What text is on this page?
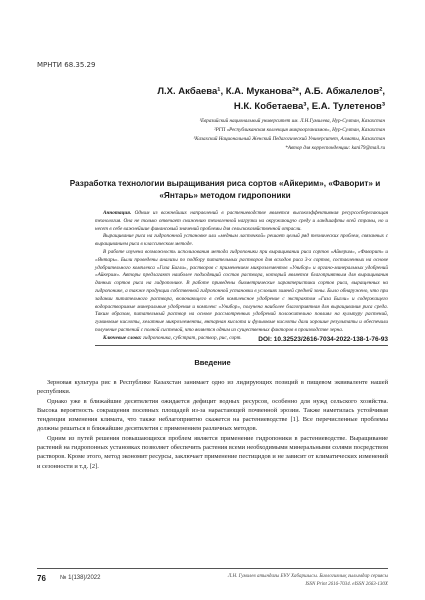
МРНТИ 68.35.29
Л.Х. Акбаева¹, К.А. Муканова²*, А.Б. Абжалелов²,
Н.К. Кобетаева³, Е.А. Тулетенов³
¹Евразийский национальный университет им. Л.Н.Гумилева, Нур-Султан, Казахстан
²РГП «Республиканская коллекция микроорганизмов», Нур-Султан, Казахстан
³Казахский Национальный Женский Педагогический Университет, Алматы, Казахстан
*Автор для корреспонденции: kani79@mail.ru
Разработка технологии выращивания риса сортов «Айкерим», «Фаворит» и
«Янтарь» методом гидропоники

Аннотация. Одним из важнейших направлений в растениеводстве является высокоэффективная ресурсосберегающая технология. Она не только отвечает снижению техногенной нагрузки на окружающую среду и ландшафты всей страны, но и несет в себе важнейшие финансовый значений проблемы для сельскохозяйственной отрасли.

Выращивание риса на гидропонной установке или «медным ласточкой» решает целый ряд технических проблем, связанных с выращиванием риса в классическом методе.

В работе изучена возможность использования метода гидропоники при выращивании риса сортов «Айкерим», «Фаворит» и «Янтарь». Были проведены анализы по подбору питательных растворов для всходов риса 3-х сортов, составленных на основе удобрительного комплекса «Гиза Бигли», растворов с применением микроэлементов «Унибор» и органо-минеральных удобрений «Айкерим». Авторы предлагают наиболее подходящий состав раствора, который является благоприятным для выращивания данных сортов риса на гидропонике. В работе приведены биометрические характеристики сортов риса, выращенных на гидропонике, а также продукции собственной гидропонной установки в условиях зимней средней зоны. Было обнаружено, что при задании питательного раствора, включающего в себя комплексное удобрение с экстрактом «Гиза Бигли» и содержащего водорастворимые минеральные удобрения и комплекс «Унибор», получена наиболее благоприятная для выращивания риса среда. Таким образом, питательный раствор на основе рассмотренных удобрений положительно повлиял на культуру растений, гуминовые кислоты, хелатные микроэлементы, янтарная кислота и фульвовые кислоты дали хорошие результаты и обеспечили получение растений с полной системой, что является одним из существенных факторов в производстве зерна.

Ключевые слова: гидропоника, субстрат, раствор, рис, сорт.	DOI: 10.32523/2616-7034-2022-138-1-76-93
Введение

Зерновая культура рис в Республике Казахстан занимает одно из лидирующих позиций в пищевом эквиваленте нашей республики.

Однако уже в ближайшие десятилетия ожидается дефицит водных ресурсов, особенно для нужд сельского хозяйства. Высока вероятность сокращения посевных площадей из-за нарастающей почвенной эрозии. Также наметилась устойчивая тенденция изменения климата, что также неблагоприятно скажется на растениеводстве [1]. Все перечисленные проблемы должны решаться в ближайшие десятилетия с применением различных методов.

Одним из путей решения повышающихся проблем является применение гидропоники в растениеводстве. Выращивание растений на гидропонных установках позволяет обеспечить растения всеми необходимыми минеральными солями посредством растворов. Кроме этого, метод экономит ресурсы, заключает применение пестицидов и не зависит от климатических изменений и сезонности и т.д. [2].

76 № 1(138)/2022	Л.Н. Гумилев атындағы ЕҰУ Хабаршысы. Биологиялық ғылымдар сериясы
ISSN Print 2616-7034. eISSN 2663-130X
